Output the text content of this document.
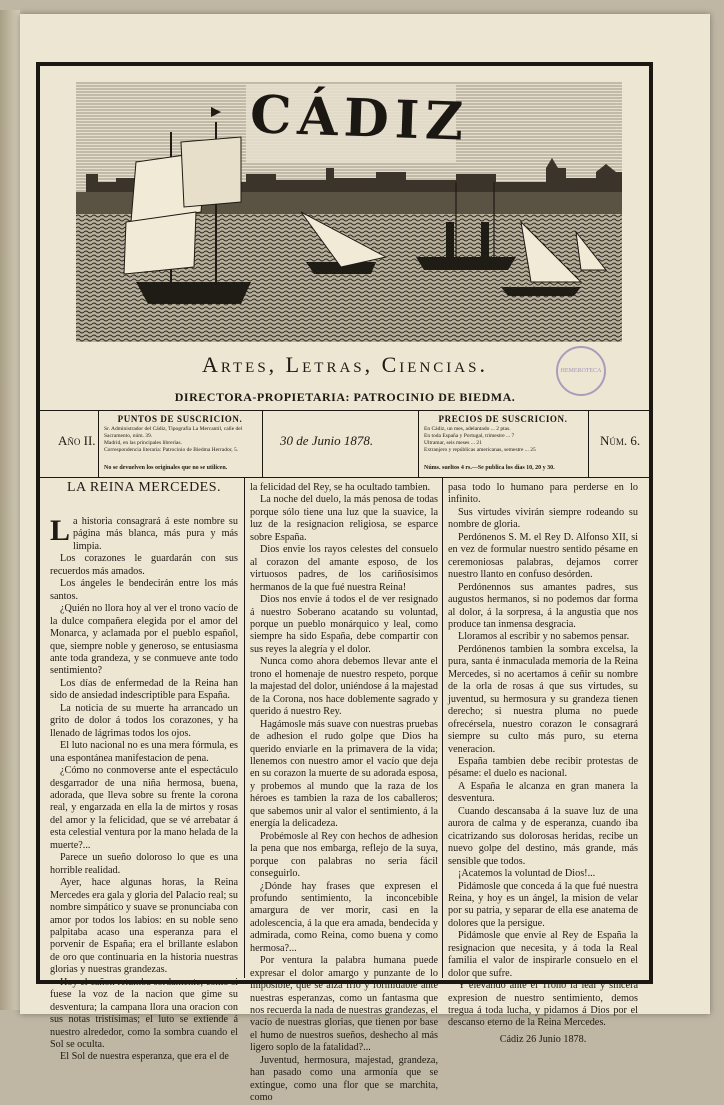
CÁDIZ
Artes, Letras, Ciencias.
DIRECTORA-PROPIETARIA: PATROCINIO DE BIEDMA.
HEMEROTECA
Año II.	30 de Junio 1878.	Núm. 6.
PUNTOS DE SUSCRICION.
Sr. Administrador del Cádiz, Tipografía La Mercantil, calle del Sacramento, núm. 39.
Madrid, en las principales librerías.
Correspondencia literaria: Patrocinio de Biedma Herrador, 5.
No se devuelven los originales que no se utilicen.
PRECIOS DE SUSCRICION.
En Cádiz, un mes, adelantado ... 2 ptas.
En toda España y Portugal, trimestre ... 7
Ultramar, seis meses ... 21
Extranjero y repúblicas americanas, semestre ... 25
Núms. sueltos 4 rs.—Se publica los días 10, 20 y 30.
LA REINA MERCEDES.

La historia consagrará á este nombre su página más blanca, más pura y más limpia.

Los corazones le guardarán con sus recuerdos más amados.

Los ángeles le bendecirán entre los más santos.

¿Quién no llora hoy al ver el trono vacío de la dulce compañera elegida por el amor del Monarca, y aclamada por el pueblo español, que, siempre noble y generoso, se entusiasma ante toda grandeza, y se conmueve ante todo sentimiento?

Los días de enfermedad de la Reina han sido de ansiedad indescriptible para España.

La noticia de su muerte ha arrancado un grito de dolor á todos los corazones, y ha llenado de lágrimas todos los ojos.

El luto nacional no es una mera fórmula, es una espontánea manifestacion de pena.

¿Cómo no conmoverse ante el espectáculo desgarrador de una niña hermosa, buena, adorada, que lleva sobre su frente la corona real, y engarzada en ella la de mirtos y rosas del amor y la felicidad, que se vé arrebatar á esta celestial ventura por la mano helada de la muerte?...

Parece un sueño doloroso lo que es una horrible realidad.

Ayer, hace algunas horas, la Reina Mercedes era gala y gloria del Palacio real; su nombre simpático y suave se pronunciaba con amor por todos los labios: en su noble seno palpitaba acaso una esperanza para el porvenir de España; era el brillante eslabon de oro que continuaria en la historia nuestras glorias y nuestras grandezas.

Hoy el cañon retumba sordamente, como si fuese la voz de la nacion que gime su desventura; la campana llora una oracion con sus notas tristísimas; el luto se extiende á nuestro alrededor, como la sombra cuando el Sol se oculta.

El Sol de nuestra esperanza, que era el de

la felicidad del Rey, se ha ocultado tambien.

La noche del duelo, la más penosa de todas porque sólo tiene una luz que la suavice, la luz de la resignacion religiosa, se esparce sobre España.

Dios envie los rayos celestes del consuelo al corazon del amante esposo, de los virtuosos padres, de los cariñosísimos hermanos de la que fué nuestra Reina!

Dios nos envíe á todos el de ver resignado á nuestro Soberano acatando su voluntad, porque un pueblo monárquico y leal, como siempre ha sido España, debe compartir con sus reyes la alegría y el dolor.

Nunca como ahora debemos llevar ante el trono el homenaje de nuestro respeto, porque la majestad del dolor, uniéndose á la majestad de la Corona, nos hace doblemente sagrado y querido á nuestro Rey.

Hagámosle más suave con nuestras pruebas de adhesion el rudo golpe que Dios ha querido enviarle en la primavera de la vida; llenemos con nuestro amor el vacío que deja en su corazon la muerte de su adorada esposa, y probemos al mundo que la raza de los héroes es tambien la raza de los caballeros; que sabemos unir al valor el sentimiento, á la energía la delicadeza.

Probémosle al Rey con hechos de adhesion la pena que nos embarga, reflejo de la suya, porque con palabras no seria fácil conseguirlo.

¿Dónde hay frases que expresen el profundo sentimiento, la inconcebible amargura de ver morir, casi en la adolescencia, á la que era amada, bendecida y admirada, como Reina, como buena y como hermosa?...

Por ventura la palabra humana puede expresar el dolor amargo y punzante de lo imposible, que se alza frío y formidable ante nuestras esperanzas, como un fantasma que nos recuerda la nada de nuestras grandezas, el vacío de nuestras glorias, que tienen por base el humo de nuestros sueños, deshecho al más ligero soplo de la fatalidad?...

Juventud, hermosura, majestad, grandeza, han pasado como una armonía que se extingue, como una flor que se marchita, como

pasa todo lo humano para perderse en lo infinito.

Sus virtudes vivirán siempre rodeando su nombre de gloria.

Perdónenos S. M. el Rey D. Alfonso XII, si en vez de formular nuestro sentido pésame en ceremoniosas palabras, dejamos correr nuestro llanto en confuso desórden.

Perdónennos sus amantes padres, sus augustos hermanos, si no podemos dar forma al dolor, á la sorpresa, á la angustia que nos produce tan inmensa desgracia.

Lloramos al escribir y no sabemos pensar.

Perdónenos tambien la sombra excelsa, la pura, santa é inmaculada memoria de la Reina Mercedes, si no acertamos á ceñir su nombre de la orla de rosas á que sus virtudes, su juventud, su hermosura y su grandeza tienen derecho; si nuestra pluma no puede ofrecérsela, nuestro corazon le consagrará siempre su culto más puro, su eterna veneracion.

España tambien debe recibir protestas de pésame: el duelo es nacional.

A España le alcanza en gran manera la desventura.

Cuando descansaba á la suave luz de una aurora de calma y de esperanza, cuando iba cicatrizando sus dolorosas heridas, recibe un nuevo golpe del destino, más grande, más sensible que todos.

¡Acatemos la voluntad de Dios!...

Pidámosle que conceda á la que fué nuestra Reina, y hoy es un ángel, la mision de velar por su patria, y separar de ella ese anatema de dolores que la persigue.

Pidámosle que envie al Rey de España la resignacion que necesita, y á toda la Real familia el valor de inspirarle consuelo en el dolor que sufre.

Y elevando ante el Trono la leal y sincera expresion de nuestro sentimiento, demos tregua á toda lucha, y pidamos á Dios por el descanso eterno de la Reina Mercedes.

Cádiz 26 Junio 1878.
